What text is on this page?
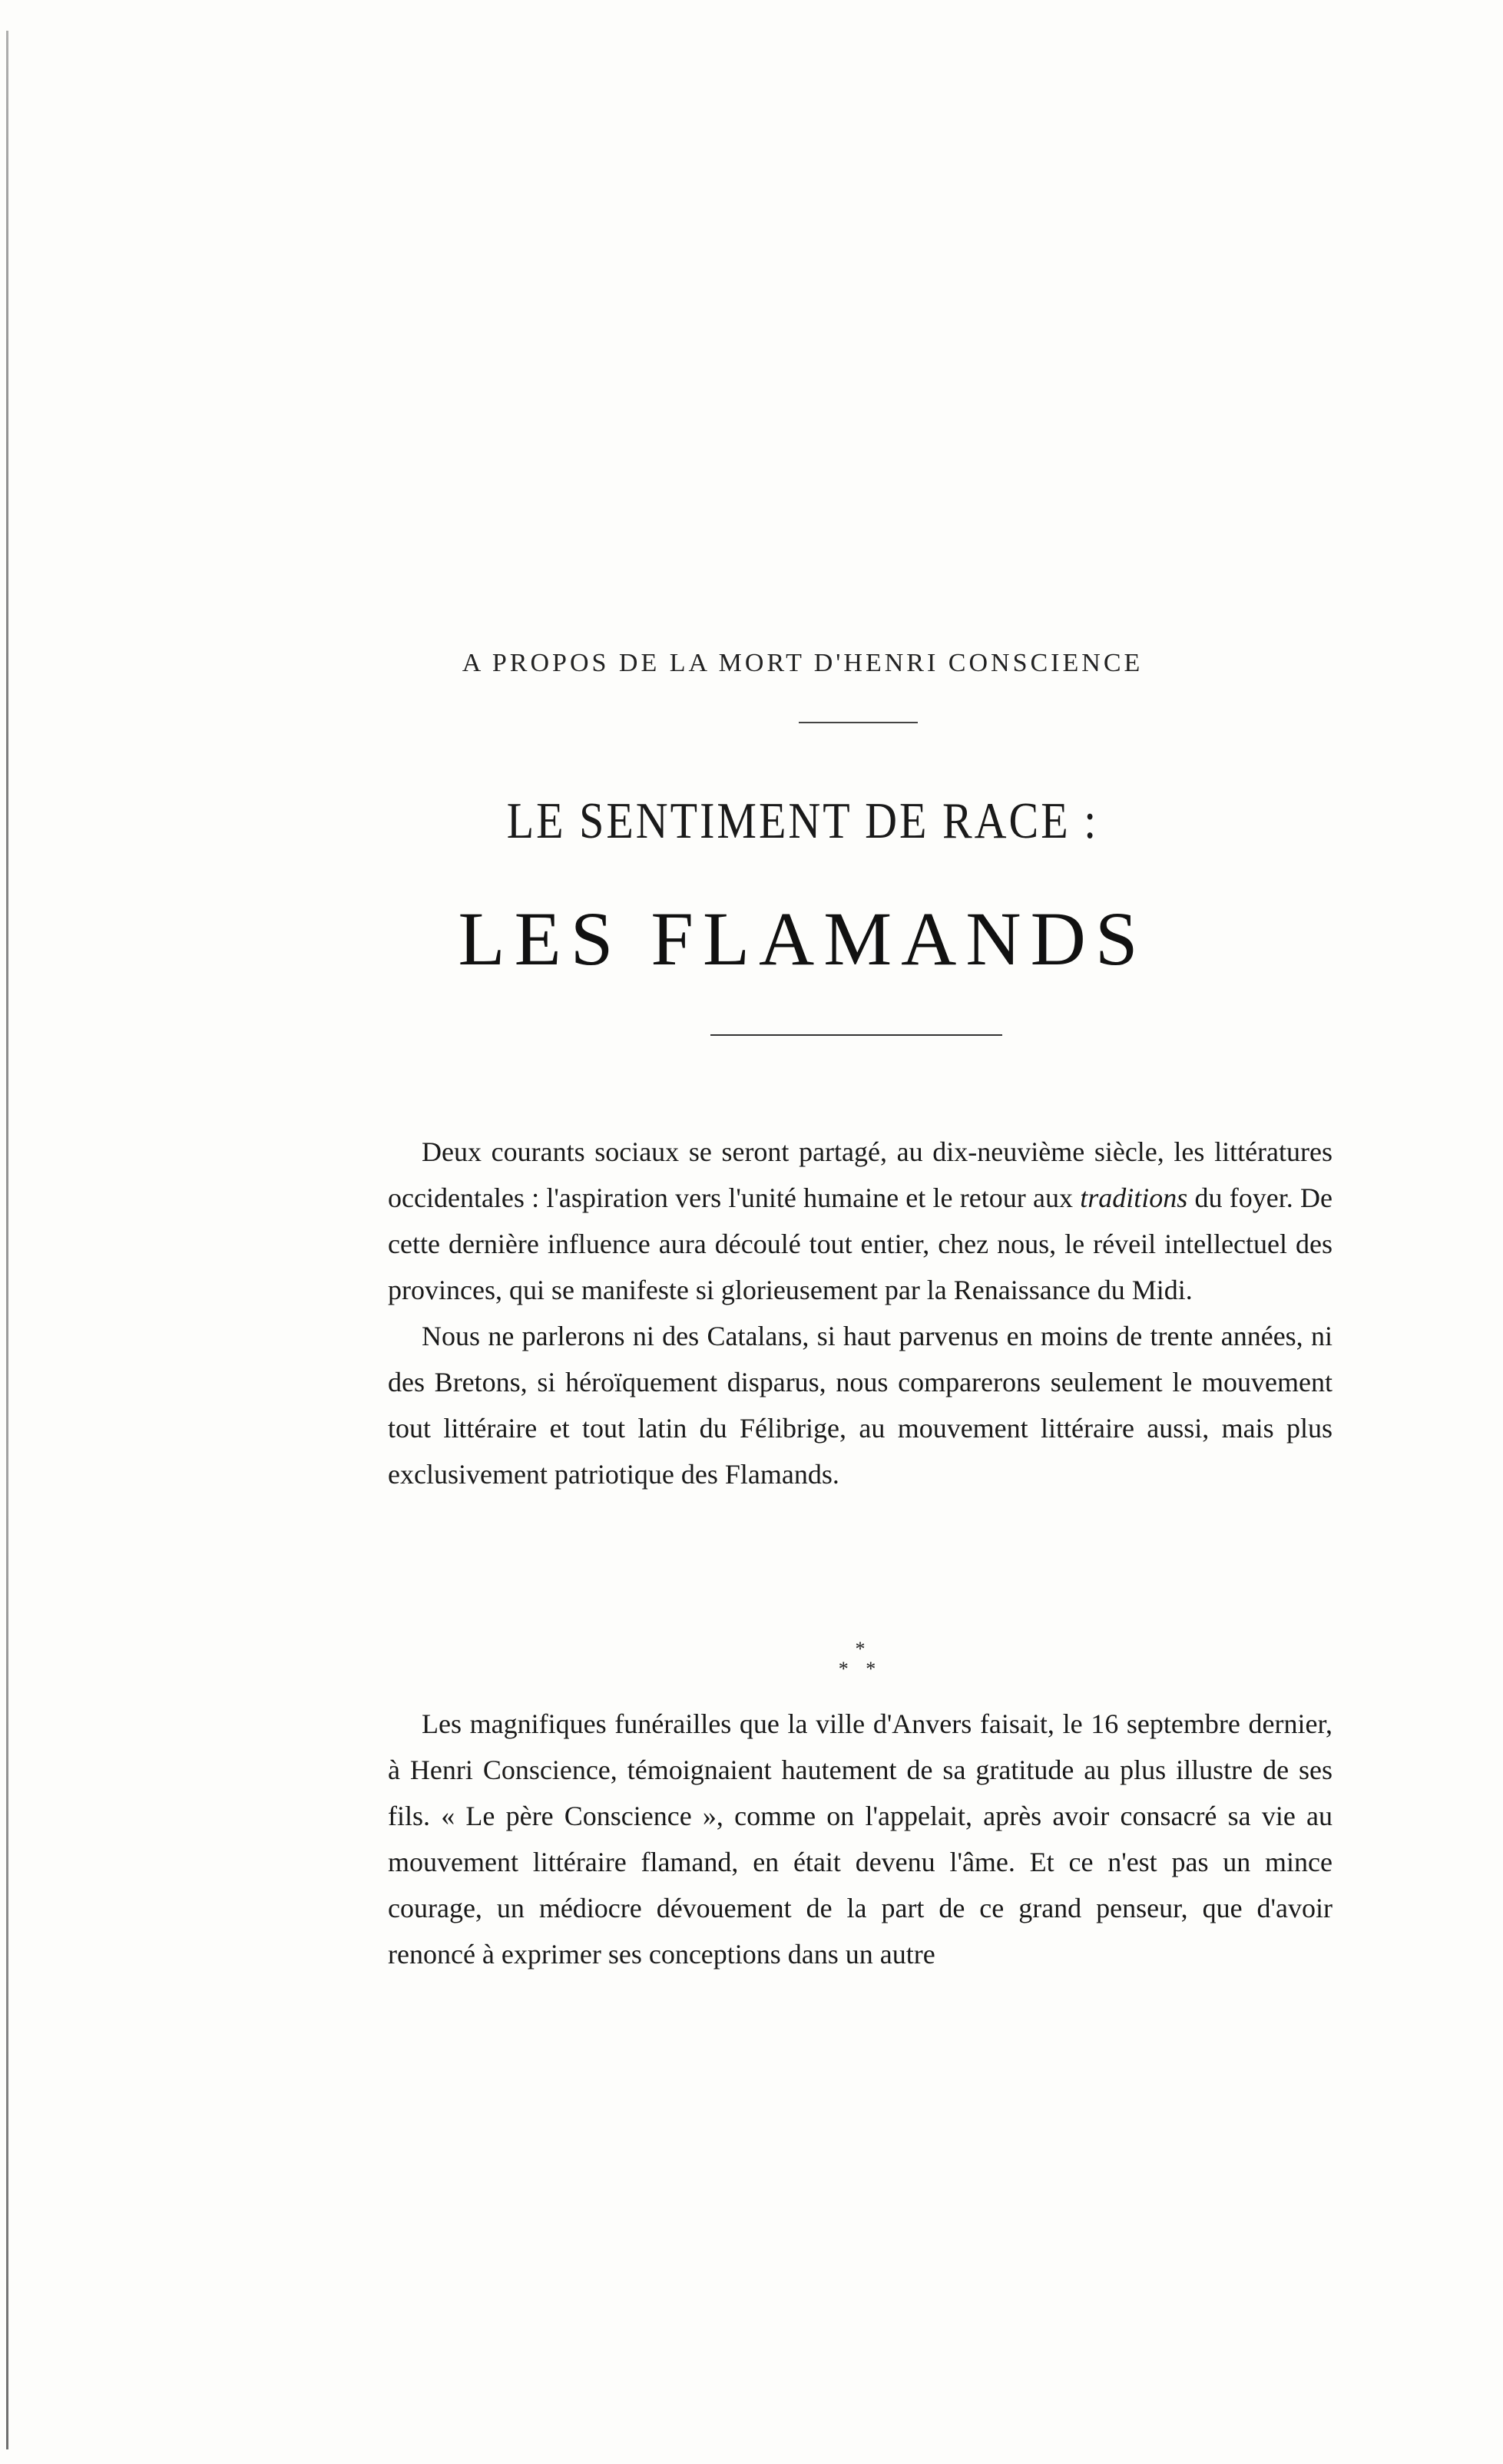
A PROPOS DE LA MORT D'HENRI CONSCIENCE
LE SENTIMENT DE RACE :
LES FLAMANDS

Deux courants sociaux se seront partagé, au dix-neuvième siècle, les littératures occidentales : l'aspiration vers l'unité humaine et le retour aux traditions du foyer. De cette dernière influence aura découlé tout entier, chez nous, le réveil intellectuel des provinces, qui se manifeste si glorieusement par la Renaissance du Midi.

Nous ne parlerons ni des Catalans, si haut parvenus en moins de trente années, ni des Bretons, si héroïquement disparus, nous comparerons seulement le mouvement tout littéraire et tout latin du Félibrige, au mouvement littéraire aussi, mais plus exclusivement patriotique des Flamands.

*
* *

Les magnifiques funérailles que la ville d'Anvers faisait, le 16 septembre dernier, à Henri Conscience, témoignaient hautement de sa gratitude au plus illustre de ses fils. « Le père Conscience », comme on l'appelait, après avoir consacré sa vie au mouvement littéraire flamand, en était devenu l'âme. Et ce n'est pas un mince courage, un médiocre dévouement de la part de ce grand penseur, que d'avoir renoncé à exprimer ses conceptions dans un autre
